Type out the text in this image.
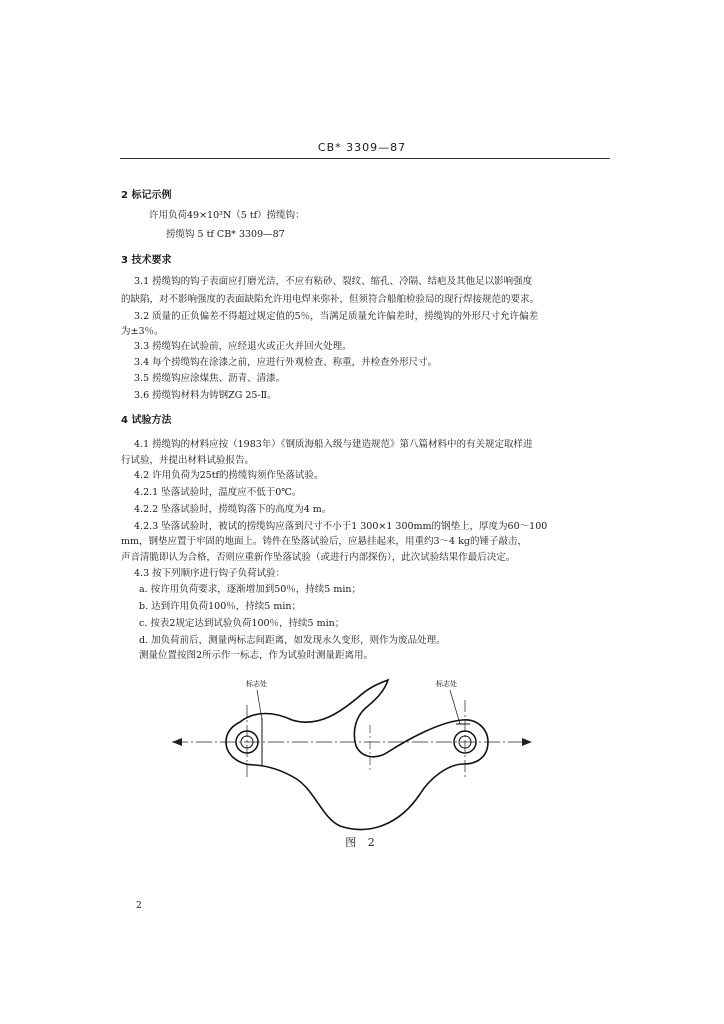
CB* 3309—87
2 标记示例
许用负荷49×10³N（5 tf）捞缆钩：
捞缆钩 5 tf CB* 3309—87
3 技术要求
3.1 捞缆钩的钩子表面应打磨光洁，不应有粘砂、裂纹、缩孔、冷隔、结疤及其他足以影响强度
的缺陷，对不影响强度的表面缺陷允许用电焊来弥补，但须符合船舶检验局的现行焊接规范的要求。
3.2 质量的正负偏差不得超过规定值的5％，当满足质量允许偏差时，捞缆钩的外形尺寸允许偏差
为±3％。
3.3 捞缆钩在试验前，应经退火或正火并回火处理。
3.4 每个捞缆钩在涂漆之前，应进行外观检查、称重，并检查外形尺寸。
3.5 捞缆钩应涂煤焦、沥青、清漆。
3.6 捞缆钩材料为铸钢ZG 25-Ⅱ。
4 试验方法
4.1 捞缆钩的材料应按（1983年）《钢质海船入级与建造规范》第八篇材料中的有关规定取样进
行试验，并提出材料试验报告。
4.2 许用负荷为25tf的捞缆钩须作坠落试验。
4.2.1 坠落试验时，温度应不低于0℃。
4.2.2 坠落试验时，捞缆钩落下的高度为4 m。
4.2.3 坠落试验时，被试的捞缆钩应落到尺寸不小于1 300×1 300mm的钢垫上，厚度为60～100
mm，钢垫应置于牢固的地面上。铸件在坠落试验后，应悬挂起来，用重约3～4 kg的锤子敲击，
声音清脆即认为合格，否则应重新作坠落试验（或进行内部探伤），此次试验结果作最后决定。
4.3 按下列顺序进行钩子负荷试验：
a. 按许用负荷要求，逐渐增加到50％，持续5 min；
b. 达到许用负荷100％，持续5 min；
c. 按表2规定达到试验负荷100％，持续5 min；
d. 加负荷前后，测量两标志间距离，如发现永久变形，则作为废品处理。
测量位置按图2所示作一标志，作为试验时测量距离用。
标志处	标志处
图 2
2
